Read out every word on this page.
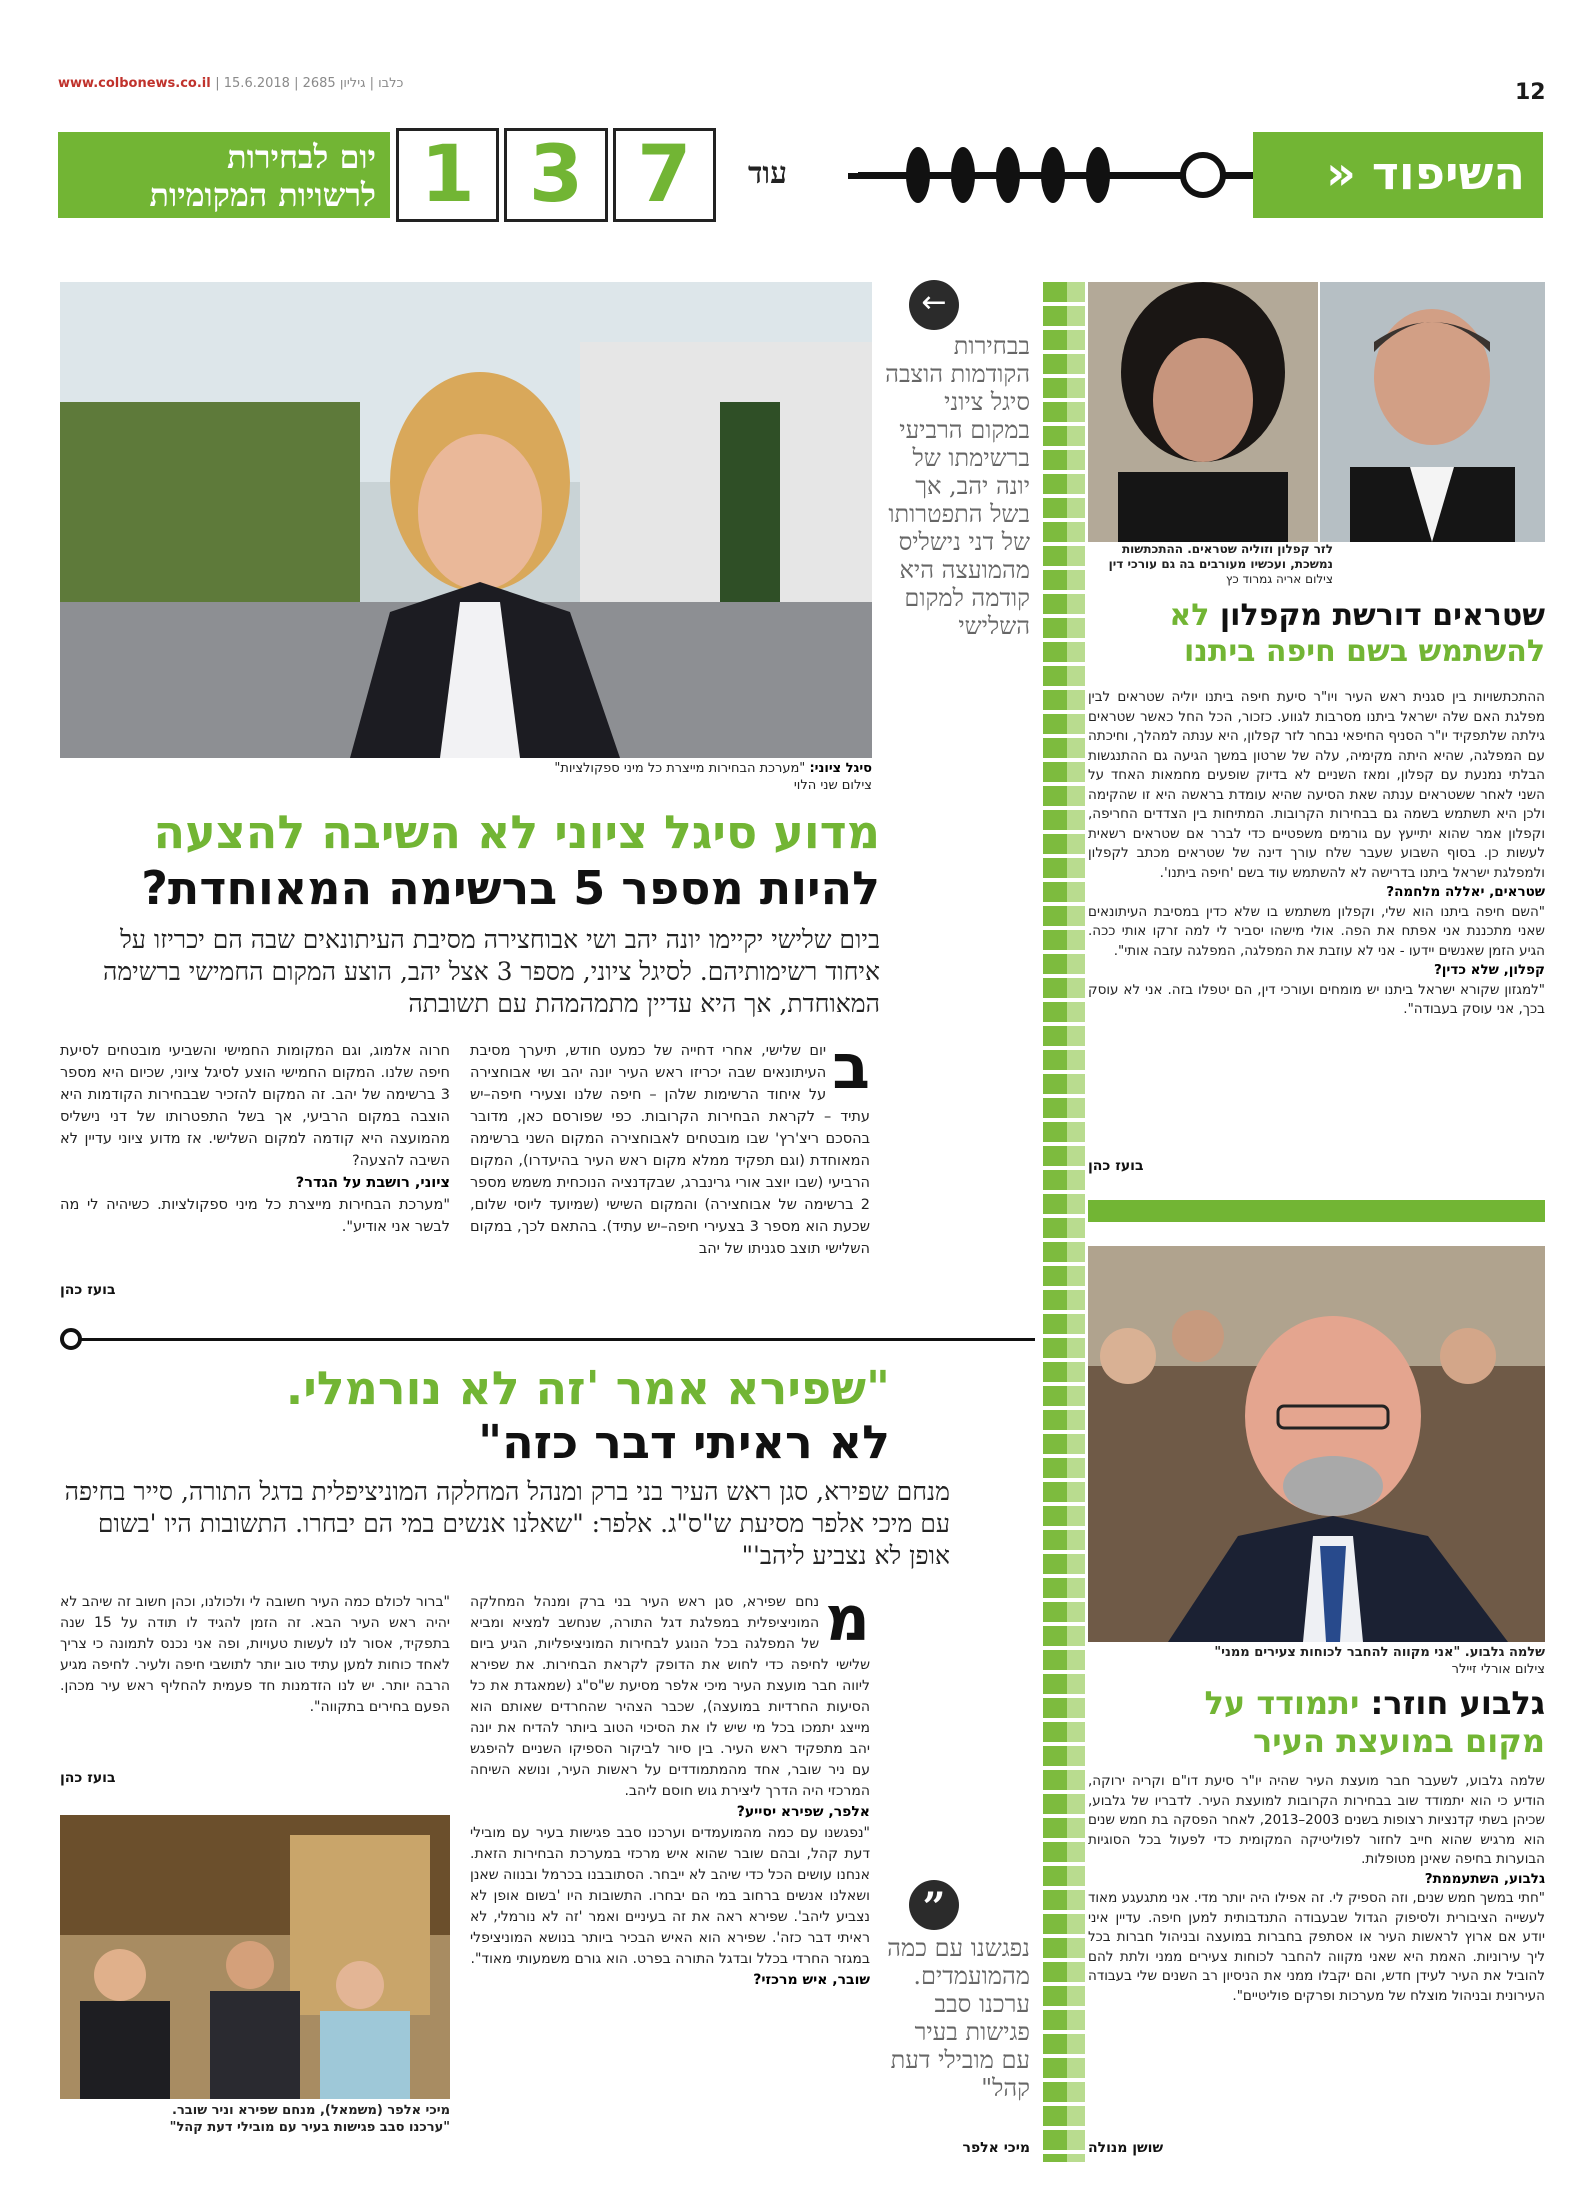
www.colbonews.co.il | כלבו | גיליון 2685 | 15.6.2018	12
יום לבחירות
לרשויות המקומיות 1 3 7	עוד	השיפוד «
סיגל ציוני: "מערכת הבחירות מייצרת כל מיני ספקולציות"
צילום שני הלוי
←
בבחירות הקודמות הוצבה סיגל ציוני במקום הרביעי ברשימתו של יונה יהב, אך בשל התפטרותו של דני נישליס מהמועצה היא קודמה למקום השלישי
מדוע סיגל ציוני לא השיבה להצעה
להיות מספר 5 ברשימה המאוחדת?
ביום שלישי יקיימו יונה יהב ושי אבוחצירה מסיבת העיתונאים שבה הם יכריזו על איחוד רשימותיהם. לסיגל ציוני, מספר 3 אצל יהב, הוצע המקום החמישי ברשימה המאוחדת, אך היא עדיין מתמהמהת עם תשובתה
ב
יום שלישי, אחרי דחייה של כמעט חודש, תיערך מסיבת העיתונאים שבה יכריזו ראש העיר יונה יהב ושי אבוחצירה על איחוד הרשימות שלהן – חיפה שלנו וצעירי חיפה–יש עתיד – לקראת הבחירות הקרובות. כפי שפורסם כאן, מדובר בהסכם ריצ'רץ' שבו מובטחים לאבוחצירה המקום השני ברשימה המאוחדת (וגם תפקיד ממלא מקום ראש העיר בהיעדרו), המקום הרביעי (שבו יוצב אורי גרינברג, שבקדנציה הנוכחית משמש מספר 2 ברשימה של אבוחצירה) והמקום השישי (שמיועד ליוסי שלום, שכעת הוא מספר 3 בצעירי חיפה–יש עתיד). בהתאם לכך, במקום השלישי תוצב סגניתו של יהב

חרוה אלמוג, וגם המקומות החמישי והשביעי מובטחים לסיעת חיפה שלנו. המקום החמישי הוצע לסיגל ציוני, שכיום היא מספר 3 ברשימה של יהב. זה המקום להזכיר שבבחירות הקודמות היא הוצבה במקום הרביעי, אך בשל התפטרותו של דני נישליס מהמועצה היא קודמה למקום השלישי. אז מדוע ציוני עדיין לא השיבה להצעה?

ציוני, רושבת על הגדר?

"מערכת הבחירות מייצרת כל מיני ספקולציות. כשיהיה לי מה לבשר אני אודיע".

בועז כהן
"שפירא אמר 'זה לא נורמלי.
לא ראיתי דבר כזה"
מנחם שפירא, סגן ראש העיר בני ברק ומנהל המחלקה המוניציפלית בדגל התורה, סייר בחיפה עם מיכי אלפר מסיעת ש"ס"ג. אלפר: "שאלנו אנשים במי הם יבחרו. התשובות היו 'בשום אופן לא נצביע ליהב'"
מ
נחם שפירא, סגן ראש העיר בני ברק ומנהל המחלקה המוניציפלית במפלגת דגל התורה, שנחשב למציא ומביא של המפלגה בכל הנוגע לבחירות המוניציפליות, הגיע ביום שלישי לחיפה כדי לחוש את הדופק לקראת הבחירות. את שפירא ליווה חבר מועצת העיר מיכי אלפר מסיעת ש"ס"ג (שמאגדת את כל הסיעות החרדיות במועצה), שכבר הצהיר שהחרדים שאותם הוא מייצג יתמכו בכל מי שיש לו את הסיכוי הטוב ביותר להדיח את יונה יהב מתפקיד ראש העיר. בין סיור לביקור הספיקו השניים להיפגש עם ניר שובר, אחד מהמתמודדים על ראשות העיר, ונושא השיחה המרכזי היה הדרך ליצירת גוש חוסם ליהב.

אלפר, שפירא יסייע?

"נפגשנו עם כמה מהמועמדים וערכנו סבב פגישות בעיר עם מובילי דעת קהל, ובהם שובר שהוא איש מרכזי במערכת הבחירות הזאת. אנחנו עושים הכל כדי שיהב לא ייבחר. הסתובבנו בכרמל ובנווה שאנן ושאלנו אנשים ברחוב במי הם יבחרו. התשובות היו 'בשום אופן לא נצביע ליהב'. שפירא ראה את זה בעיניים ואמר 'זה לא נורמלי, לא ראיתי דבר כזה'. שפירא הוא האיש הבכיר ביותר בנושא המוניציפלי במגזר החרדי בכלל ובדגל התורה בפרט. הוא גורם משמעותי מאוד".

שובר, איש מרכזי?

"ברור לכולם כמה העיר חשובה לי ולכולנו, וכהן חשוב זה שיהב לא יהיה ראש העיר הבא. זה הזמן להגיד לו תודה על 15 שנה בתפקיד, אסור לנו לעשות טעויות, ופה אני נכנס לתמונה כי צריך לאחד כוחות למען עתיד טוב יותר לתושבי חיפה ולעיר. לחיפה מגיע הרבה יותר. יש לנו הזדמנות חד פעמית להחליף ראש עיר מכהן. הפעם בחירים בתקווה".

בועז כהן
מיכי אלפר (משמאל), מנחם שפירא וניר שובר.
"ערכנו סבב פגישות בעיר עם מובילי דעת קהל"
”
נפגשנו עם כמה מהמועמדים. ערכנו סבב פגישות בעיר עם מובילי דעת קהל"
מיכי אלפר
לזר קפלון וזוליה שטראים. ההתכתשות נמשכת, ועכשיו מעורבים בה גם עורכי דין
צילום אריה גמרוד כץ
שטראים דורשת מקפלון לא
להשתמש בשם חיפה ביתנו

ההתכתשויות בין סגנית ראש העיר ויו"ר סיעת חיפה ביתנו יוליה שטראים לבין מפלגת האם שלה ישראל ביתנו מסרבות לגווע. כזכור, הכל החל כאשר שטראים גילתה שלתפקיד יו"ר הסניף החיפאי נבחר לזר קפלון, היא ענתה למהלך, וחיכתה עם המפלגה, שהיא היתה מקימיה, עלה של שרטון במשך הגיעה גם ההתנגשות הבלתי נמנעת עם קפלון, ומאז השניים לא בדיוק שופעים מחמאות האחד על השני לאחר ששטראים ענתה שאת הסיעה שהיא עומדת בראשה היא זו שהקימה ולכן היא תשתמש בשמה גם בבחירות הקרובות. המתיחות בין הצדדים החריפה, וקפלון אמר שהוא יתייעץ עם גורמים משפטיים כדי לברר אם שטראים רשאית לעשות כן. בסוף השבוע שעבר שלח עורך דינה של שטראים מכתב לקפלון ולמפלגת ישראל ביתנו בדרישה לא להשתמש עוד בשם 'חיפה ביתנו'.

שטראים, יאללה מלחמה?

"השם חיפה ביתנו הוא שלי, וקפלון משתמש בו שלא כדין במסיבת העיתונאים שאני מתכננת אני אפתח את הפה. אולי מישהו יסביר לי למה זרקו אותי ככה. הגיע הזמן שאנשים יידעו - אני לא עוזבת את המפלגה, המפלגה עזבה אותי".

קפלון, שלא כדין?

"למגזון שקורא ישראל ביתנו יש מומחים ועורכי דין, הם יטפלו בזה. אני לא עוסק בכך, אני עוסק בעבודה".

בועז כהן
שלמה גלבוע. "אני מקווה להחבר לכוחות צעירים ממני"
צילום אורלי זיילר
גלבוע חוזר: יתמודד על
מקום במועצת העיר

שלמה גלבוע, לשעבר חבר מועצת העיר שהיה יו"ר סיעת דו"ם וקריה ירוקה, הודיע כי הוא יתמודד שוב בבחירות הקרובות למועצת העיר. לדבריו של גלבוע, שכיהן בשתי קדנציות רצופות בשנים 2003–2013, לאחר הפסקה בת חמש שנים הוא מרגיש שהוא חייב לחזור לפוליטיקה המקומית כדי לפעול בכל הסוגיות הבוערות בחיפה שאינן מטופלות.

גלבוע, השתעממת?

"חתי במשך חמש שנים, וזה הספיק לי. זה אפילו היה יותר מדי. אני מתגעגע מאוד לעשייה הציבורית ולסיפוק הגדול שבעבודה התנדבותית למען חיפה. עדיין איני יודע אם ארוץ לראשות העיר או אסתפק בחברות במועצה ובניהול חברות בכל ליך עירוניות. האמת היא שאני מקווה להחבר לכוחות צעירים ממני ולתת להם להוביל את העיר לעידן חדש, והם יקבלו ממני את הניסיון רב השנים שלי בעבודה העירונית ובניהול מוצלח של מערכות ופרקים פוליטיים".

שושן מנולה
